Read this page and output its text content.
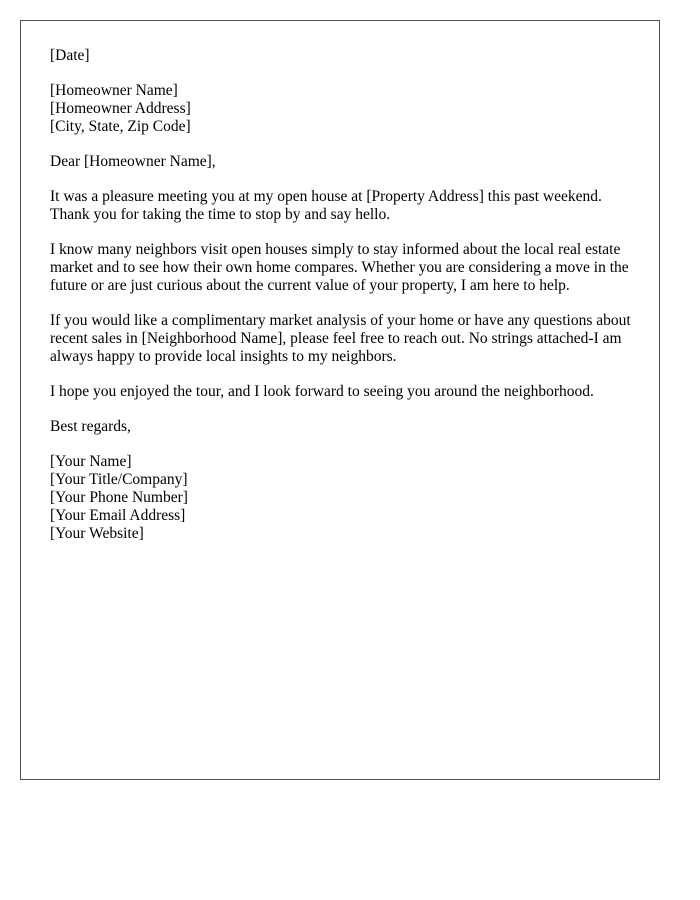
[Date]
[Homeowner Name]
[Homeowner Address]
[City, State, Zip Code]
Dear [Homeowner Name],

It was a pleasure meeting you at my open house at [Property Address] this past weekend. Thank you for taking the time to stop by and say hello.

I know many neighbors visit open houses simply to stay informed about the local real estate market and to see how their own home compares. Whether you are considering a move in the future or are just curious about the current value of your property, I am here to help.

If you would like a complimentary market analysis of your home or have any questions about recent sales in [Neighborhood Name], please feel free to reach out. No strings attached-I am always happy to provide local insights to my neighbors.

I hope you enjoyed the tour, and I look forward to seeing you around the neighborhood.

Best regards,
[Your Name]
[Your Title/Company]
[Your Phone Number]
[Your Email Address]
[Your Website]
